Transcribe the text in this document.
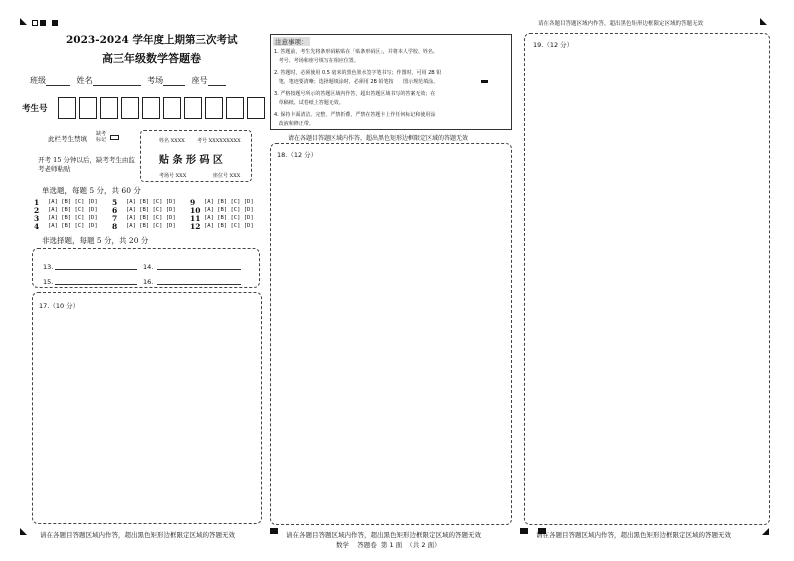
2023-2024 学年度上期第三次考试
高三年级数学答题卷
班级	姓名	考场	座号
考生号
此栏考生禁填
缺考标记
开考 15 分钟以后，缺考考生由监考老师粘贴
姓名 XXXX 考号 XXXXXXXXX
贴 条 形 码 区
考场号 XXX	座位号 XXX
单选题，每题 5 分，共 60 分
1 [A] [B] [C] [D]
2 [A] [B] [C] [D]
3 [A] [B] [C] [D]
4 [A] [B] [C] [D]
5 [A] [B] [C] [D]
6 [A] [B] [C] [D]
7 [A] [B] [C] [D]
8 [A] [B] [C] [D]
9 [A] [B] [C] [D]
10 [A] [B] [C] [D]
11 [A] [B] [C] [D]
12 [A] [B] [C] [D]
非选择题，每题 5 分，共 20 分
13.	14.
15.	16.
17.（10 分）
注意事项：
1. 答题前，考生先将条形码粘贴在「贴条形码区」，并将本人学校、姓名、
考号、考场和座号填写在相应位置。
2. 答题时，必须使用 0.5 毫米的黑色墨水签字笔书写；作图时，可用 2B 铅
笔，笔迹要清晰；选择题填涂时，必须用 2B 铅笔按      图示规范填涂。
3. 严格按题号所示的答题区域内作答，超出答题区域书写的答案无效；在
草稿纸、试卷纸上答题无效。
4. 保持卡面清洁、完整，严禁折叠，严禁在答题卡上作任何标记和使用涂
改液和修正带。
请在各题目答题区域内作答，超出黑色矩形边框限定区域的答题无效
18.（12 分）
请在各题目答题区域内作答，超出黑色矩形边框限定区域的答题无效
19.（12 分）
请在各题目答题区域内作答，超出黑色矩形边框限定区域的答题无效	请在各题目答题区域内作答，超出黑色矩形边框限定区域的答题无效
数学    答题卷  第 1 面  （共 2 面）
请在各题目答题区域内作答，超出黑色矩形边框限定区域的答题无效
